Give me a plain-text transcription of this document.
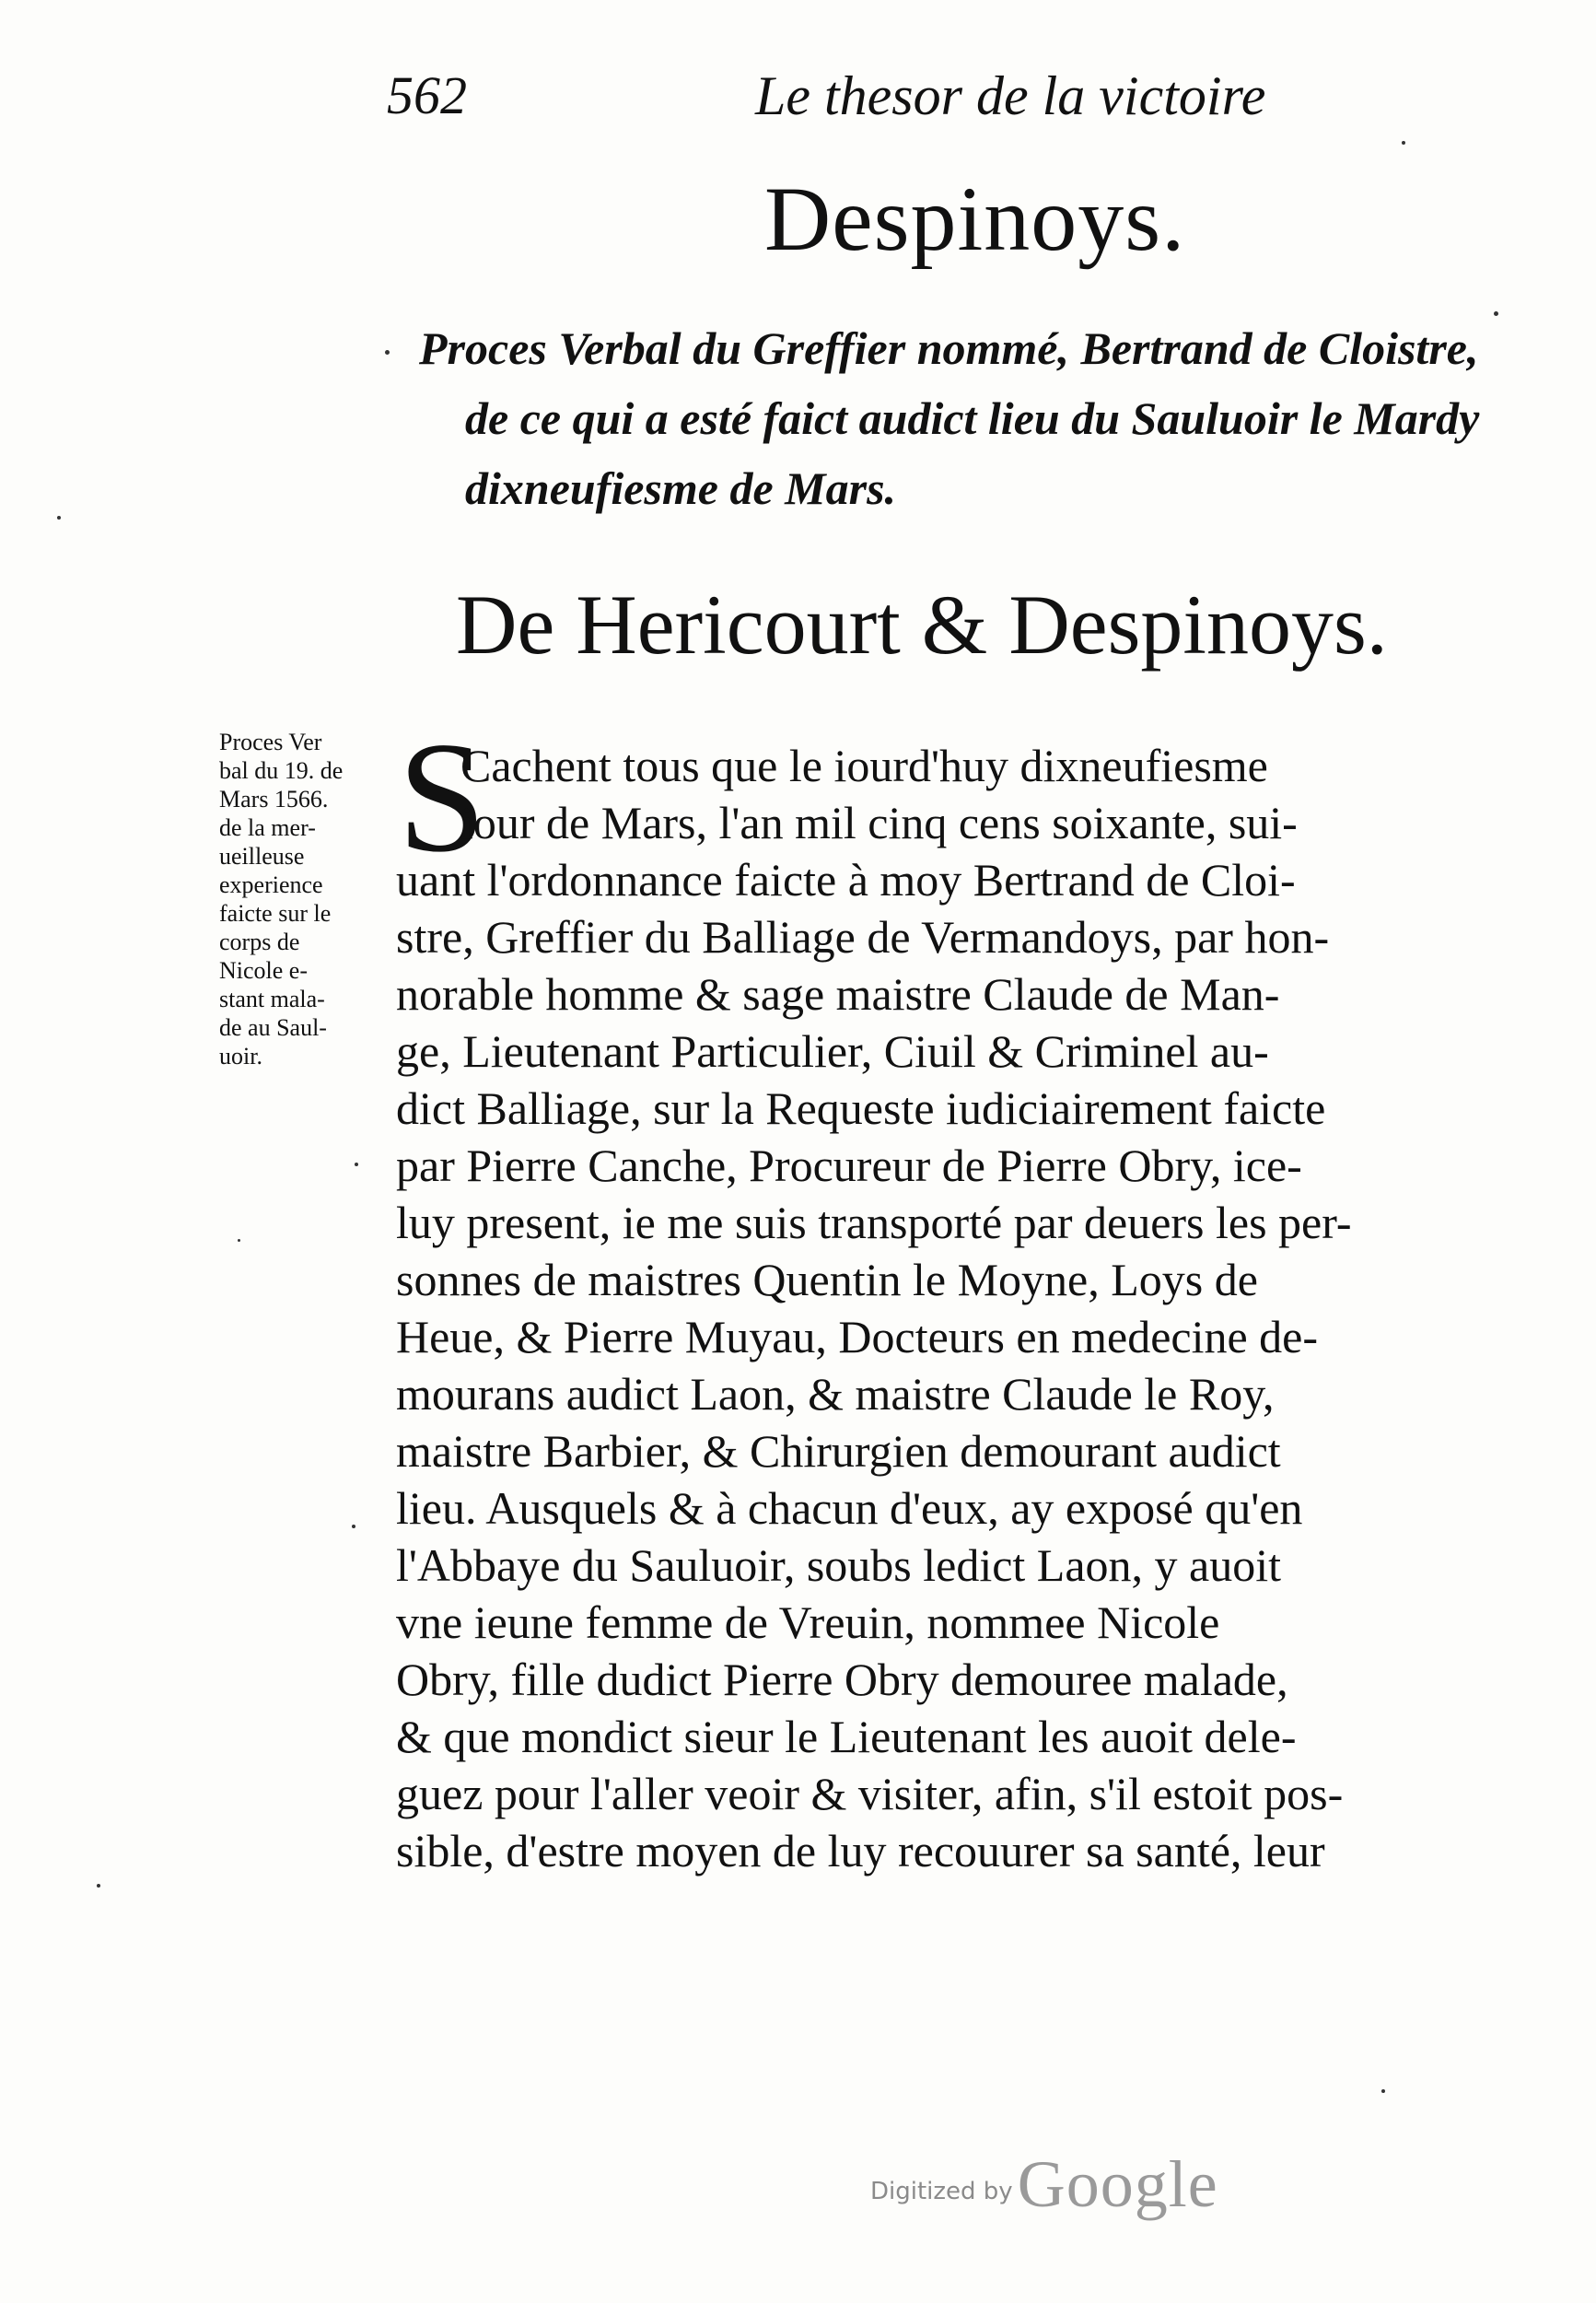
562	Le thesor de la victoire
Despinoys.
Proces Verbal du Greffier nommé, Bertrand de Cloistre,
de ce qui a esté faict audict lieu du Sauluoir le Mardy
dixneufiesme de Mars.
De Hericourt & Despinoys.
Proces Ver
bal du 19. de
Mars 1566.
de la mer-
ueilleuse
experience
faicte sur le
corps de
Nicole e-
stant mala-
de au Saul-
uoir.
S
Cachent tous que le iourd'huy dixneufiesme
iour de Mars, l'an mil cinq cens soixante, sui-
uant l'ordonnance faicte à moy Bertrand de Cloi-
stre, Greffier du Balliage de Vermandoys, par hon-
norable homme & sage maistre Claude de Man-
ge, Lieutenant Particulier, Ciuil & Criminel au-
dict Balliage, sur la Requeste iudiciairement faicte
par Pierre Canche, Procureur de Pierre Obry, ice-
luy present, ie me suis transporté par deuers les per-
sonnes de maistres Quentin le Moyne, Loys de
Heue, & Pierre Muyau, Docteurs en medecine de-
mourans audict Laon, & maistre Claude le Roy,
maistre Barbier, & Chirurgien demourant audict
lieu. Ausquels & à chacun d'eux, ay exposé qu'en
l'Abbaye du Sauluoir, soubs ledict Laon, y auoit
vne ieune femme de Vreuin, nommee Nicole
Obry, fille dudict Pierre Obry demouree malade,
& que mondict sieur le Lieutenant les auoit dele-
guez pour l'aller veoir & visiter, afin, s'il estoit pos-
sible, d'estre moyen de luy recouurer sa santé, leur
Digitized by Google
